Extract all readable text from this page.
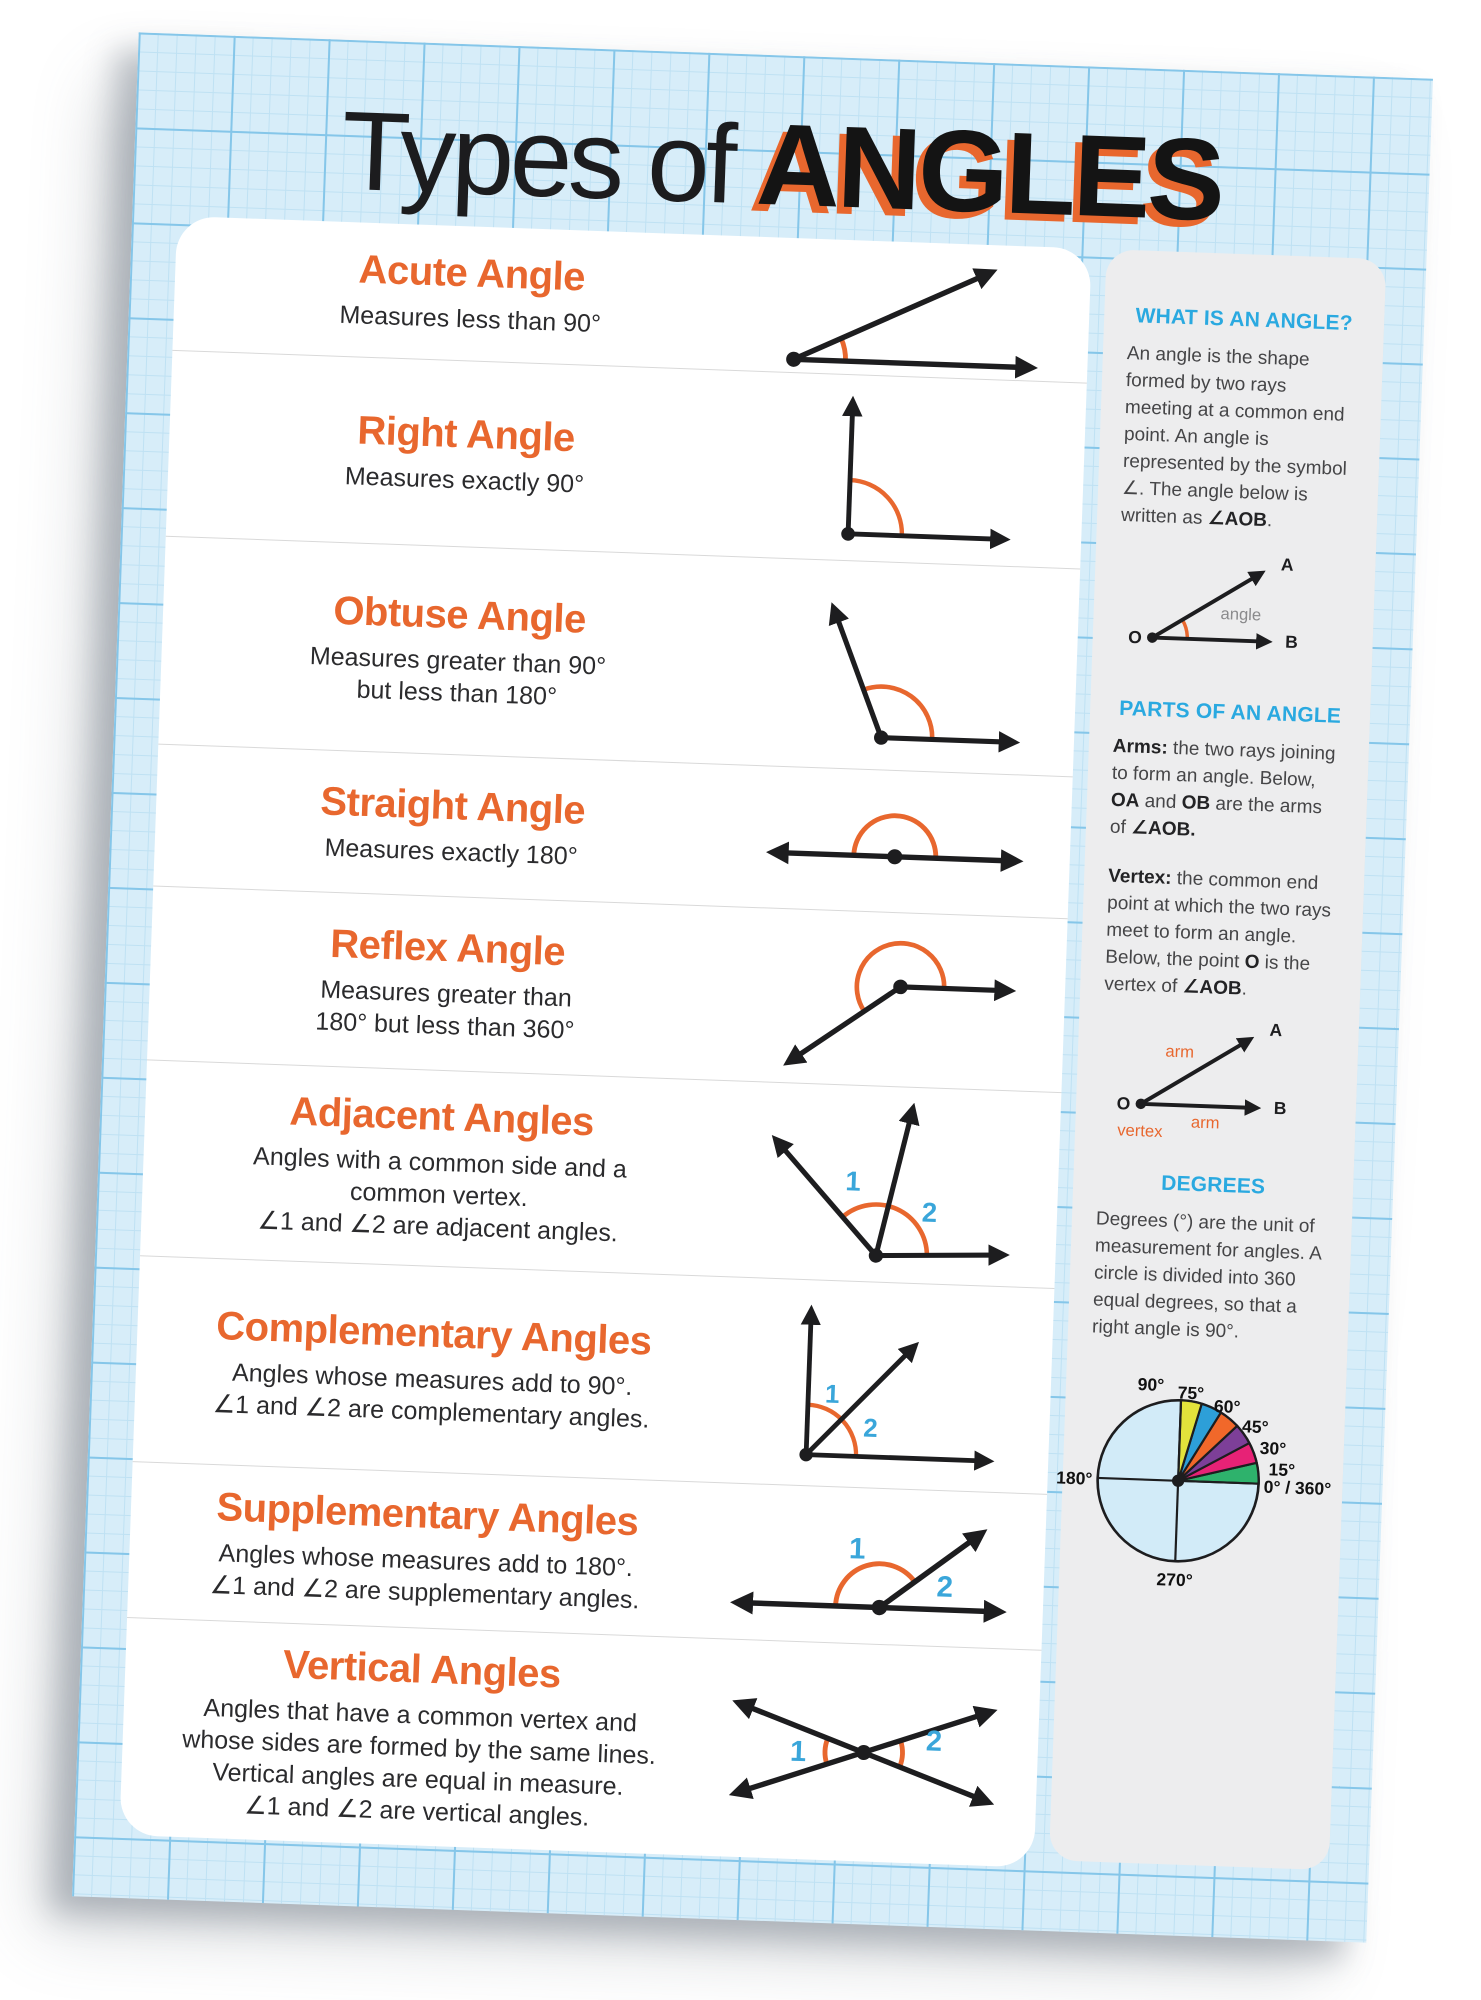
Types of ANGLES
Acute Angle
Measures less than 90°
Right Angle
Measures exactly 90°
Obtuse Angle
Measures greater than 90°
but less than 180°
Straight Angle
Measures exactly 180°
Reflex Angle
Measures greater than
180° but less than 360°
Adjacent Angles
Angles with a common side and a
common vertex.
∠1 and ∠2 are adjacent angles.
1
2
Complementary Angles
Angles whose measures add to 90°.
∠1 and ∠2 are complementary angles.	1
2
Supplementary Angles
Angles whose measures add to 180°.
∠1 and ∠2 are supplementary angles.
1
2
Vertical Angles
Angles that have a common vertex and
whose sides are formed by the same lines.
Vertical angles are equal in measure.
∠1 and ∠2 are vertical angles.
1	2
WHAT IS AN ANGLE?

An angle is the shape formed by two rays meeting at a common end point. An angle is represented by the symbol ∠. The angle below is written as ∠AOB.

A
O	B
angle
PARTS OF AN ANGLE

Arms: the two rays joining to form an angle. Below, OA and OB are the arms of ∠AOB.

Vertex: the common end point at which the two rays meet to form an angle. Below, the point O is the vertex of ∠AOB.

A
O	B
arm
arm
vertex
DEGREES

Degrees (°) are the unit of measurement for angles. A circle is divided into 360 equal degrees, so that a right angle is 90°.

90° 75°
60°
45°
30°
15°
0° / 360°
180°
270°
